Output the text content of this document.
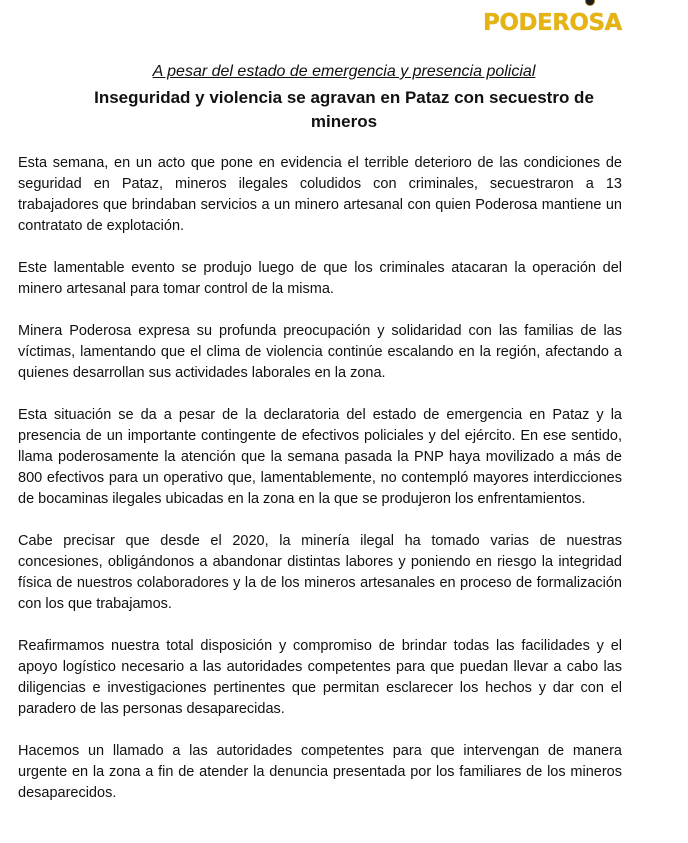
PODEROSA
A pesar del estado de emergencia y presencia policial
Inseguridad y violencia se agravan en Pataz con secuestro de mineros

Esta semana, en un acto que pone en evidencia el terrible deterioro de las condiciones de seguridad en Pataz, mineros ilegales coludidos con criminales, secuestraron a 13 trabajadores que brindaban servicios a un minero artesanal con quien Poderosa mantiene un contratato de explotación.

Este lamentable evento se produjo luego de que los criminales atacaran la operación del minero artesanal para tomar control de la misma.

Minera Poderosa expresa su profunda preocupación y solidaridad con las familias de las víctimas, lamentando que el clima de violencia continúe escalando en la región, afectando a quienes desarrollan sus actividades laborales en la zona.

Esta situación se da a pesar de la declaratoria del estado de emergencia en Pataz y la presencia de un importante contingente de efectivos policiales y del ejército. En ese sentido, llama poderosamente la atención que la semana pasada la PNP haya movilizado a más de 800 efectivos para un operativo que, lamentablemente, no contempló mayores interdicciones de bocaminas ilegales ubicadas en la zona en la que se produjeron los enfrentamientos.

Cabe precisar que desde el 2020, la minería ilegal ha tomado varias de nuestras concesiones, obligándonos a abandonar distintas labores y poniendo en riesgo la integridad física de nuestros colaboradores y la de los mineros artesanales en proceso de formalización con los que trabajamos.

Reafirmamos nuestra total disposición y compromiso de brindar todas las facilidades y el apoyo logístico necesario a las autoridades competentes para que puedan llevar a cabo las diligencias e investigaciones pertinentes que permitan esclarecer los hechos y dar con el paradero de las personas desaparecidas.

Hacemos un llamado a las autoridades competentes para que intervengan de manera urgente en la zona a fin de atender la denuncia presentada por los familiares de los mineros desaparecidos.
